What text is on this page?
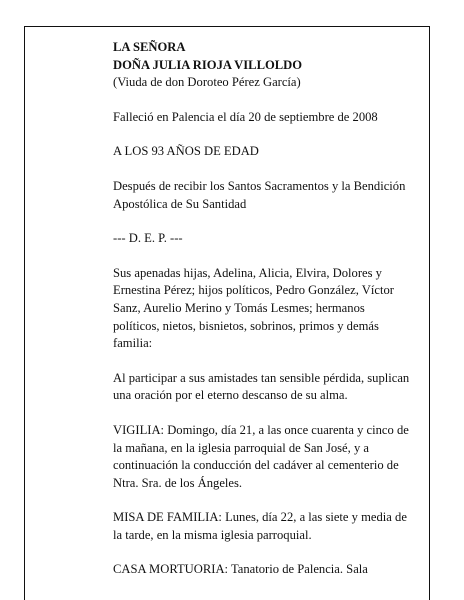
LA SEÑORA
DOÑA JULIA RIOJA VILLOLDO
(Viuda de don Doroteo Pérez García)

Falleció en Palencia el día 20 de septiembre de 2008

A LOS 93 AÑOS DE EDAD

Después de recibir los Santos Sacramentos y la Bendición Apostólica de Su Santidad

--- D. E. P. ---

Sus apenadas hijas, Adelina, Alicia, Elvira, Dolores y Ernestina Pérez; hijos políticos, Pedro González, Víctor Sanz, Aurelio Merino y Tomás Lesmes; hermanos políticos, nietos, bisnietos, sobrinos, primos y demás familia:

Al participar a sus amistades tan sensible pérdida, suplican una oración por el eterno descanso de su alma.

VIGILIA: Domingo, día 21, a las once cuarenta y cinco de la mañana, en la iglesia parroquial de San José, y a continuación la conducción del cadáver al cementerio de Ntra. Sra. de los Ángeles.

MISA DE FAMILIA: Lunes, día 22, a las siete y media de la tarde, en la misma iglesia parroquial.

CASA MORTUORIA: Tanatorio de Palencia. Sala
